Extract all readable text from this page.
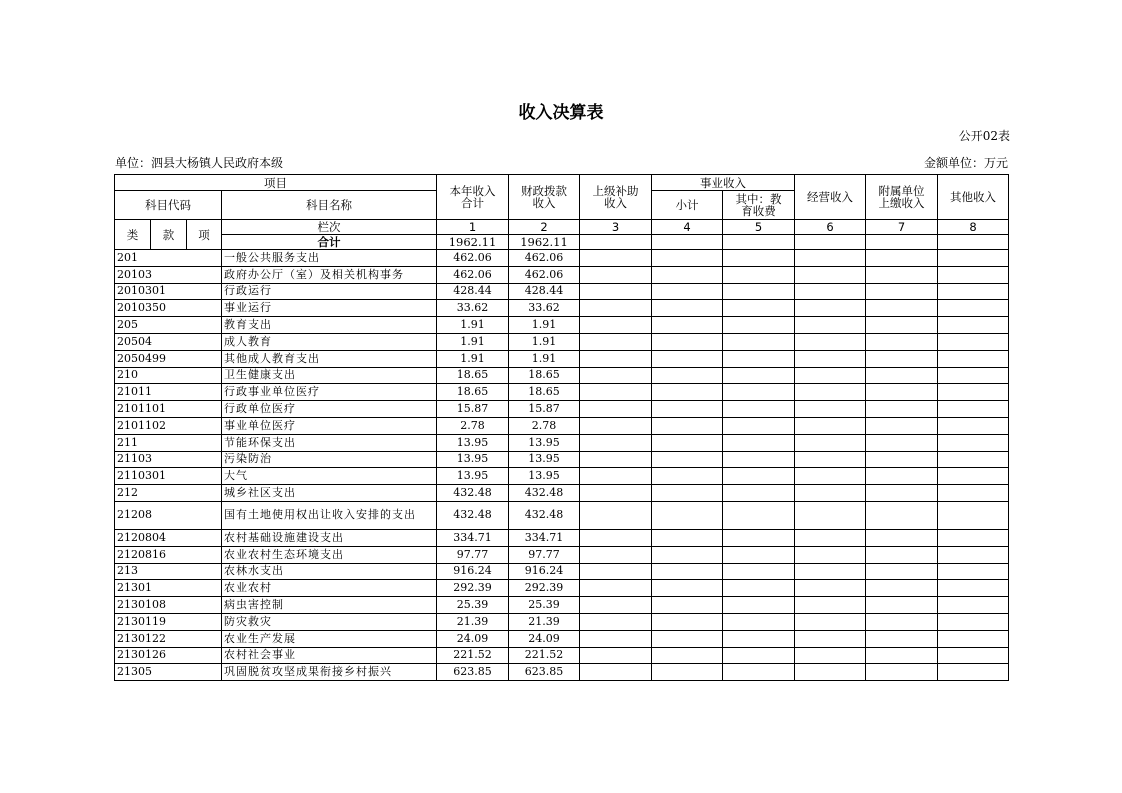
收入决算表
公开02表
单位：泗县大杨镇人民政府本级	金额单位：万元
项目				本年收入合计	财政拨款收入	上级补助收入	事业收入		经营收入	附属单位上缴收入	其他收入
科目代码			科目名称				小计	其中：教育收费			
类	款	项	栏次	1	2	3	4	5	6	7	8
			合计	1962.11	1962.11						
201			一般公共服务支出	462.06	462.06						
20103			政府办公厅（室）及相关机构事务	462.06	462.06						
2010301			行政运行	428.44	428.44						
2010350			事业运行	33.62	33.62						
205			教育支出	1.91	1.91						
20504			成人教育	1.91	1.91						
2050499			其他成人教育支出	1.91	1.91						
210			卫生健康支出	18.65	18.65						
21011			行政事业单位医疗	18.65	18.65						
2101101			行政单位医疗	15.87	15.87						
2101102			事业单位医疗	2.78	2.78						
211			节能环保支出	13.95	13.95						
21103			污染防治	13.95	13.95						
2110301			大气	13.95	13.95						
212			城乡社区支出	432.48	432.48						
21208			国有土地使用权出让收入安排的支出	432.48	432.48						
2120804			农村基础设施建设支出	334.71	334.71						
2120816			农业农村生态环境支出	97.77	97.77						
213			农林水支出	916.24	916.24						
21301			农业农村	292.39	292.39						
2130108			病虫害控制	25.39	25.39						
2130119			防灾救灾	21.39	21.39						
2130122			农业生产发展	24.09	24.09						
2130126			农村社会事业	221.52	221.52						
21305			巩固脱贫攻坚成果衔接乡村振兴	623.85	623.85						
